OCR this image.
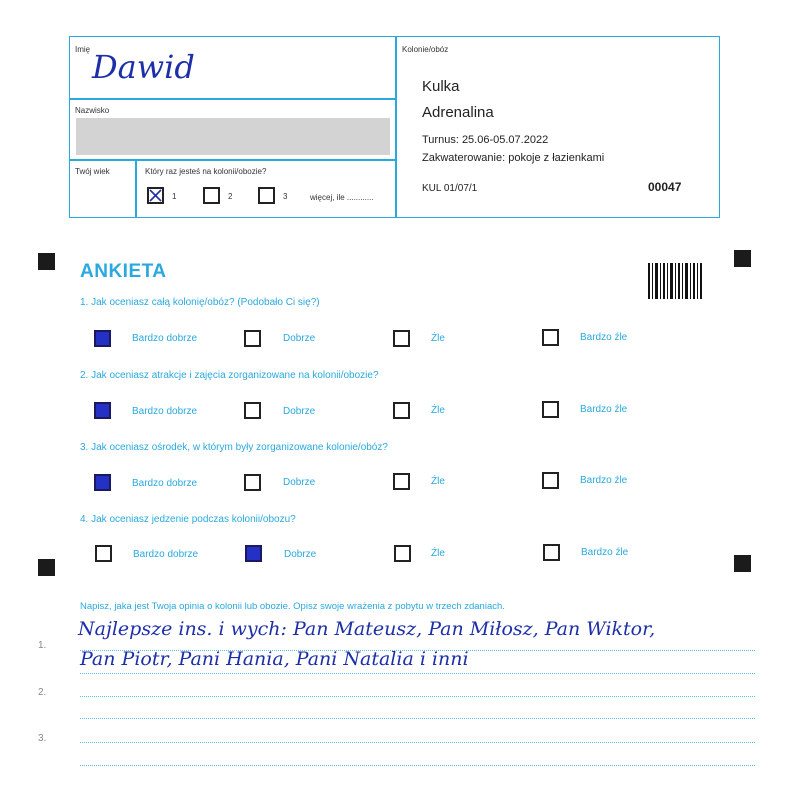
Imię Dawid
Nazwisko
Twój wiek	Który raz jesteś na kolonii/obozie?
1	2	3	więcej, ile ............
Kolonie/obóz
Kulka
Adrenalina
Turnus: 25.06-05.07.2022
Zakwaterowanie: pokoje z łazienkami
KUL 01/07/1	00047
ANKIETA
1. Jak oceniasz całą kolonię/obóz? (Podobało Ci się?)
Bardzo dobrze	Dobrze	Źle	Bardzo źle
2. Jak oceniasz atrakcje i zajęcia zorganizowane na kolonii/obozie?
Bardzo dobrze	Dobrze	Źle	Bardzo źle
3. Jak oceniasz ośrodek, w którym były zorganizowane kolonie/obóz?
Bardzo dobrze	Dobrze	Źle	Bardzo źle
4. Jak oceniasz jedzenie podczas kolonii/obozu?
Bardzo dobrze	Dobrze	Źle	Bardzo źle
Napisz, jaka jest Twoja opinia o kolonii lub obozie. Opisz swoje wrażenia z pobytu w trzech zdaniach.
1.
2.
3.
Najlepsze ins. i wych: Pan Mateusz, Pan Miłosz, Pan Wiktor,
Pan Piotr, Pani Hania, Pani Natalia i inni
